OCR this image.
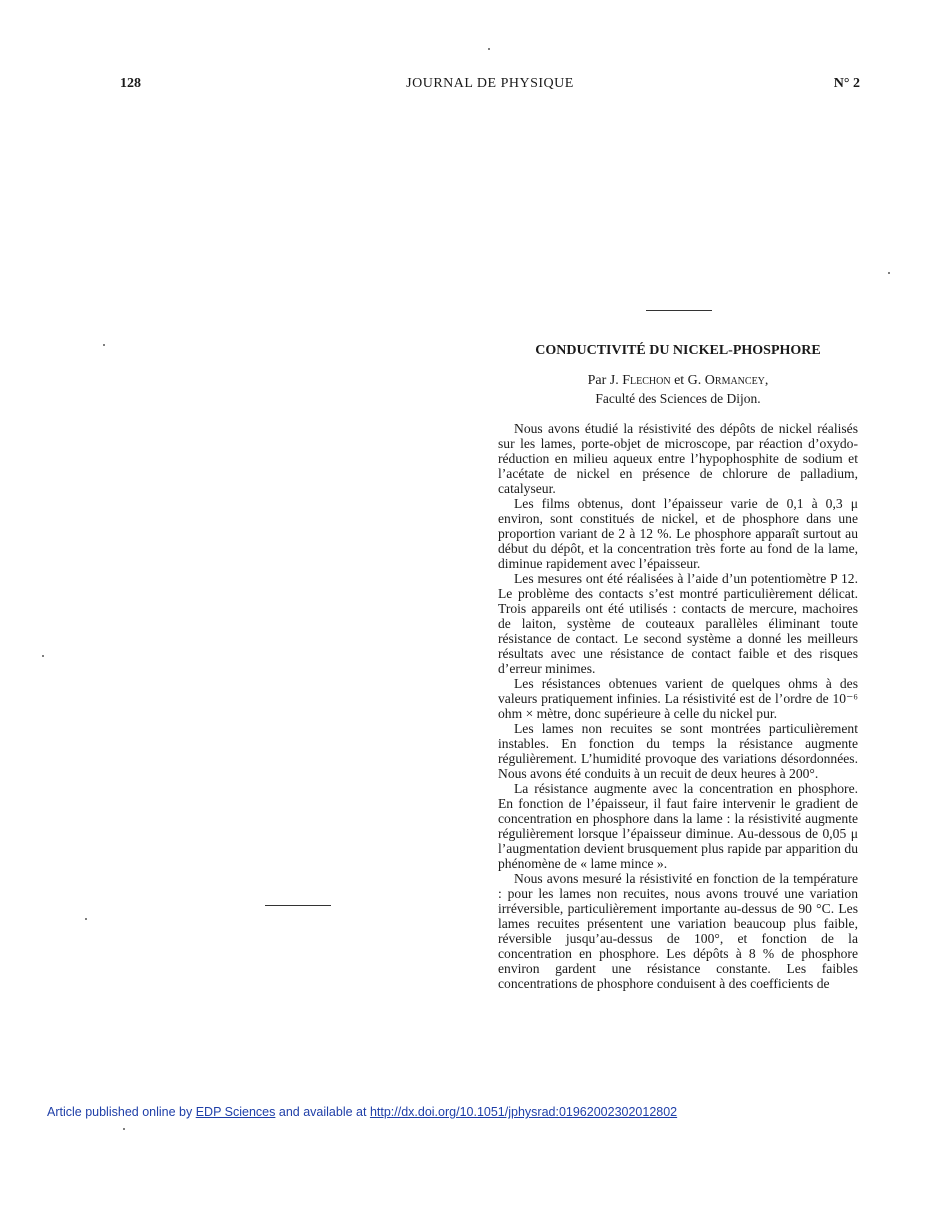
128	JOURNAL DE PHYSIQUE	N° 2
CONDUCTIVITÉ DU NICKEL-PHOSPHORE

Par J. Flechon et G. Ormancey,

Faculté des Sciences de Dijon.

Nous avons étudié la résistivité des dépôts de nickel réalisés sur les lames, porte-objet de microscope, par réaction d’oxydo-réduction en milieu aqueux entre l’hypophosphite de sodium et l’acétate de nickel en présence de chlorure de palladium, catalyseur.

Les films obtenus, dont l’épaisseur varie de 0,1 à 0,3 μ environ, sont constitués de nickel, et de phosphore dans une proportion variant de 2 à 12 %. Le phosphore apparaît surtout au début du dépôt, et la concentration très forte au fond de la lame, diminue rapidement avec l’épaisseur.

Les mesures ont été réalisées à l’aide d’un potentiomètre P 12. Le problème des contacts s’est montré particulièrement délicat. Trois appareils ont été utilisés : contacts de mercure, machoires de laiton, système de couteaux parallèles éliminant toute résistance de contact. Le second système a donné les meilleurs résultats avec une résistance de contact faible et des risques d’erreur minimes.

Les résistances obtenues varient de quelques ohms à des valeurs pratiquement infinies. La résistivité est de l’ordre de 10⁻⁶ ohm × mètre, donc supérieure à celle du nickel pur.

Les lames non recuites se sont montrées particulièrement instables. En fonction du temps la résistance augmente régulièrement. L’humidité provoque des variations désordonnées. Nous avons été conduits à un recuit de deux heures à 200°.

La résistance augmente avec la concentration en phosphore. En fonction de l’épaisseur, il faut faire intervenir le gradient de concentration en phosphore dans la lame : la résistivité augmente régulièrement lorsque l’épaisseur diminue. Au-dessous de 0,05 μ l’augmentation devient brusquement plus rapide par apparition du phénomène de « lame mince ».

Nous avons mesuré la résistivité en fonction de la température : pour les lames non recuites, nous avons trouvé une variation irréversible, particulièrement importante au-dessus de 90 °C. Les lames recuites présentent une variation beaucoup plus faible, réversible jusqu’au-dessus de 100°, et fonction de la concentration en phosphore. Les dépôts à 8 % de phosphore environ gardent une résistance constante. Les faibles concentrations de phosphore conduisent à des coefficients de

Article published online by EDP Sciences and available at http://dx.doi.org/10.1051/jphysrad:01962002302012802
